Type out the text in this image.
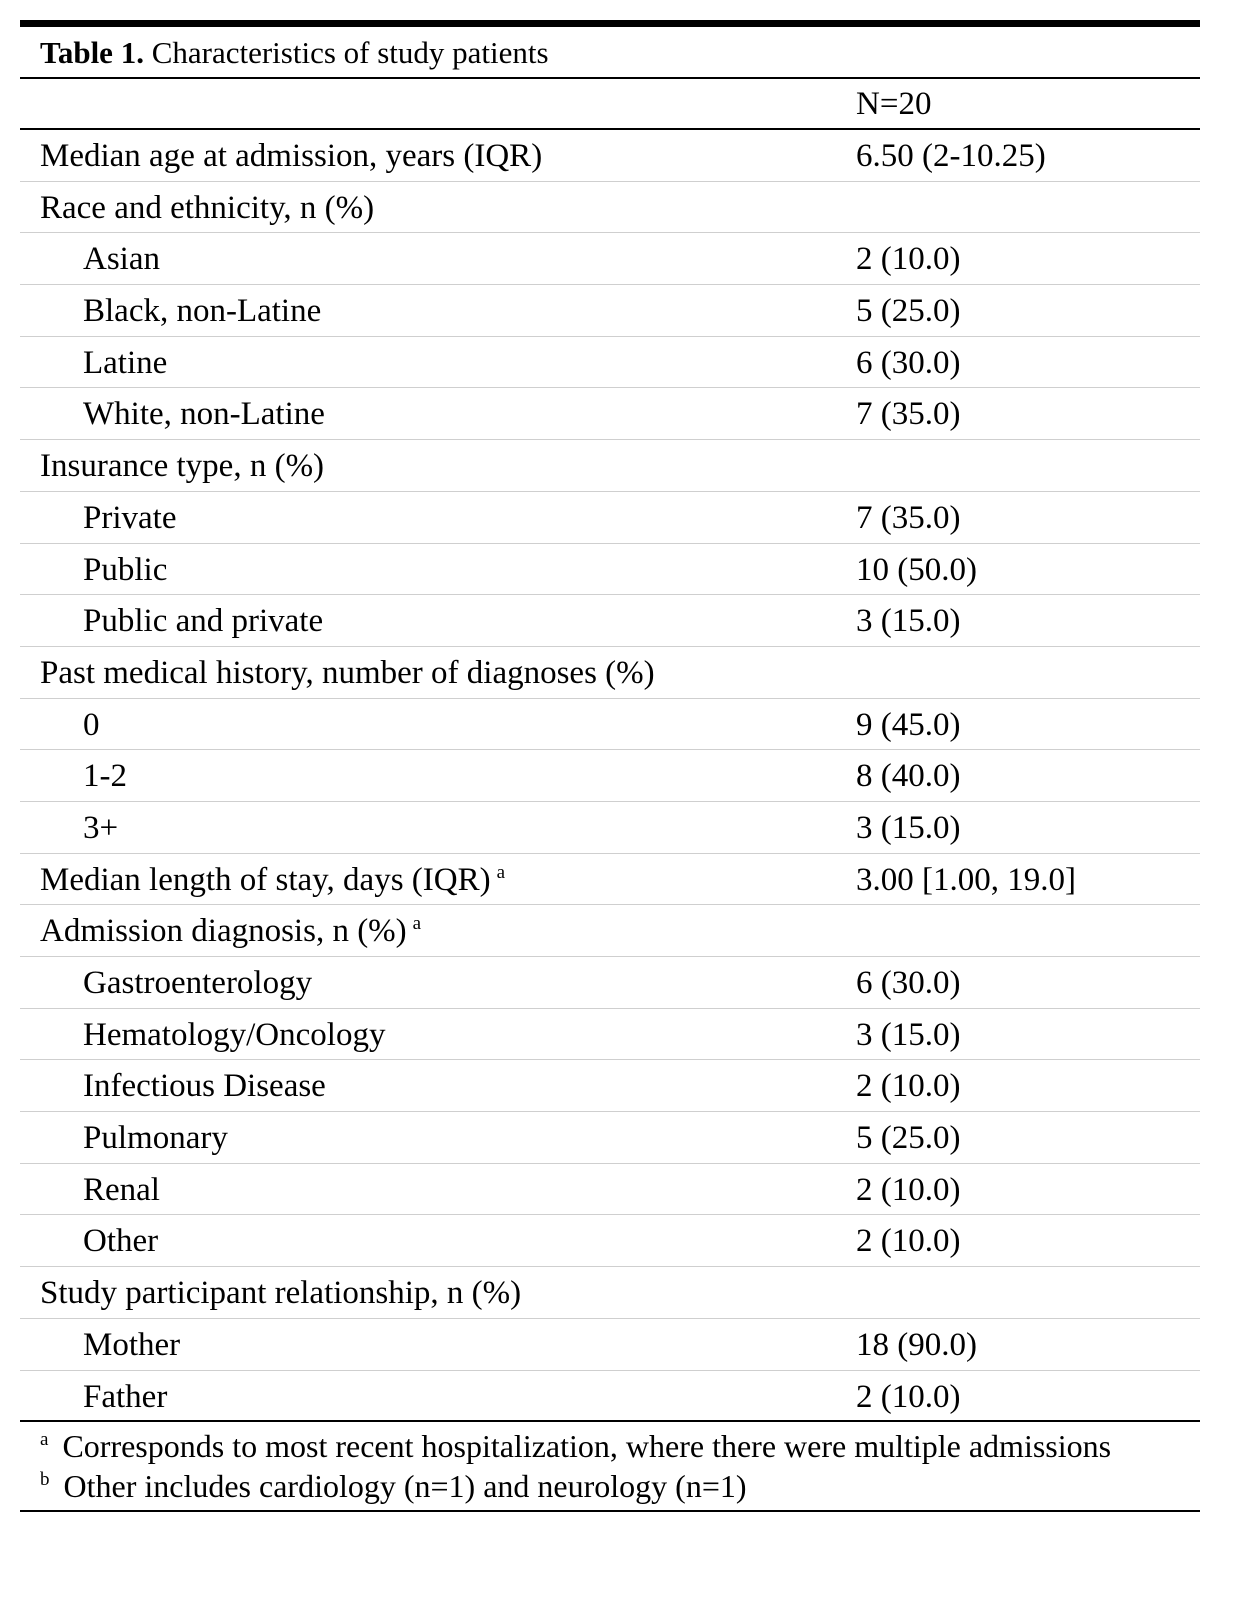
Table 1. Characteristics of study patients
N=20
Median age at admission, years (IQR)	6.50 (2-10.25)
Race and ethnicity, n (%)
Asian	2 (10.0)
Black, non-Latine	5 (25.0)
Latine	6 (30.0)
White, non-Latine	7 (35.0)
Insurance type, n (%)
Private	7 (35.0)
Public	10 (50.0)
Public and private	3 (15.0)
Past medical history, number of diagnoses (%)
0	9 (45.0)
1-2	8 (40.0)
3+	3 (15.0)
Median length of stay, days (IQR) $^a$	3.00 [1.00, 19.0]
Admission diagnosis, n (%) $^a$
Gastroenterology	6 (30.0)
Hematology/Oncology	3 (15.0)
Infectious Disease	2 (10.0)
Pulmonary	5 (25.0)
Renal	2 (10.0)
Other	2 (10.0)
Study participant relationship, n (%)
Mother	18 (90.0)
Father	2 (10.0)
$^a$ Corresponds to most recent hospitalization, where there were multiple admissions
$^b$ Other includes cardiology (n=1) and neurology (n=1)
